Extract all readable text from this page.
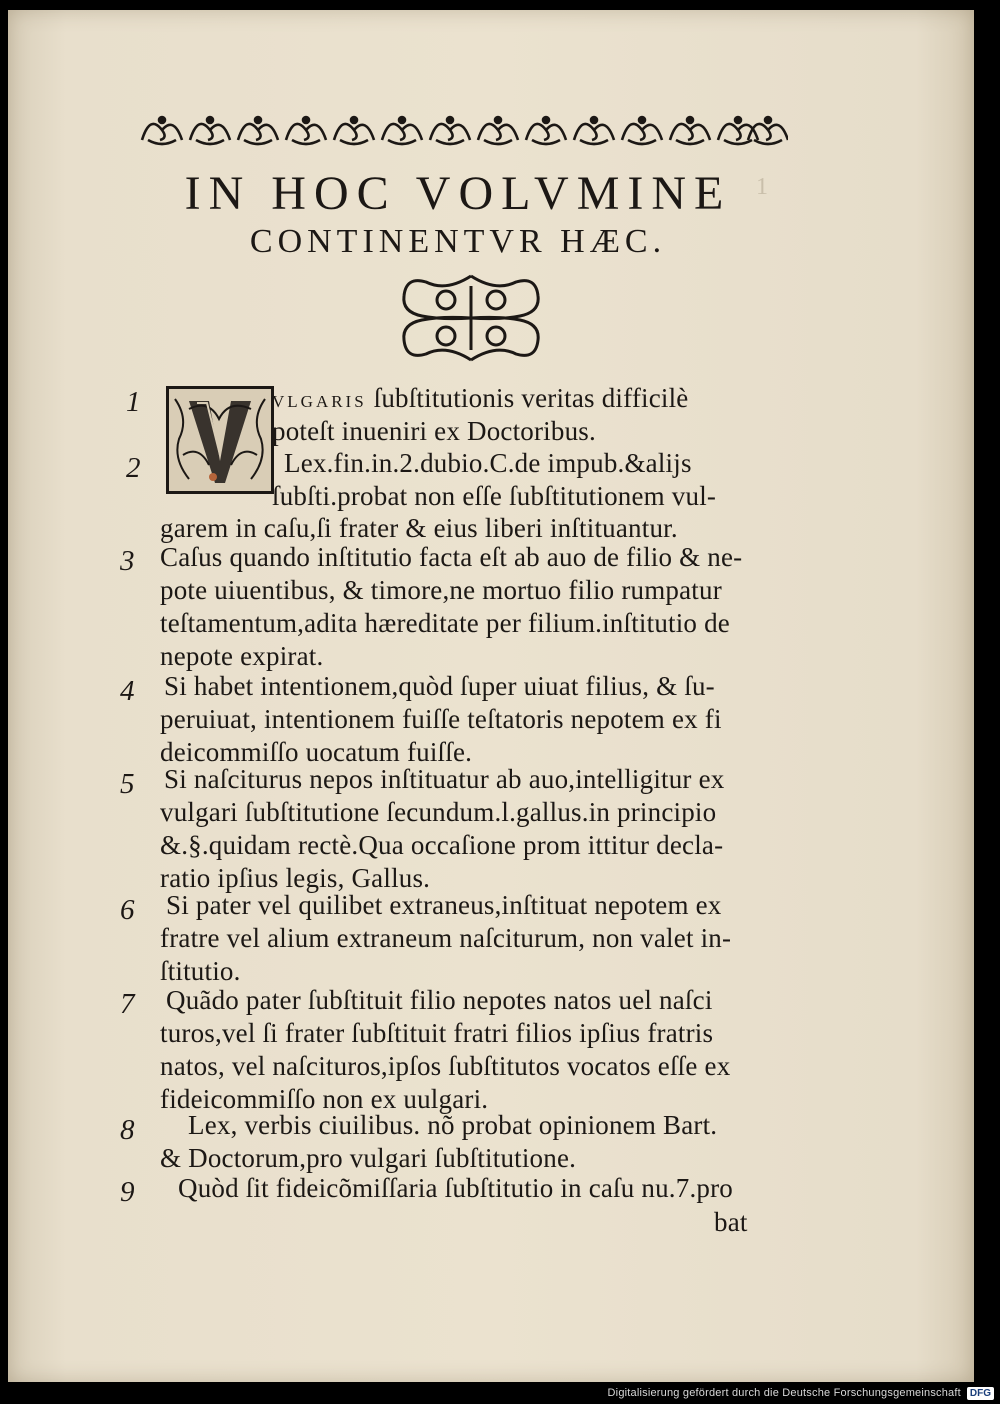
IN HOC VOLVMINE	1
CONTINENTVR HÆC.
1	VLGARIS ſubſtitutionis veritas difficilè
poteſt inueniri ex Doctoribus.
2	Lex.fin.in.2.dubio.C.de impub.&alijs
ſubſti.probat non eſſe ſubſtitutionem vul-
garem in caſu,ſi frater & eius liberi inſtituantur.
3 Caſus quando inſtitutio facta eſt ab auo de filio & ne-
pote uiuentibus, & timore,ne mortuo filio rumpatur
teſtamentum,adita hæreditate per filium.inſtitutio de
nepote expirat.
4	Si habet intentionem,quòd ſuper uiuat filius, & ſu-
peruiuat, intentionem fuiſſe teſtatoris nepotem ex fi
deicommiſſo uocatum fuiſſe.
5	Si naſciturus nepos inſtituatur ab auo,intelligitur ex
vulgari ſubſtitutione ſecundum.l.gallus.in principio
&.§.quidam rectè.Qua occaſione prom ittitur decla-
ratio ipſius legis, Gallus.
6	Si pater vel quilibet extraneus,inſtituat nepotem ex
fratre vel alium extraneum naſciturum, non valet in-
ſtitutio.
7	Quãdo pater ſubſtituit filio nepotes natos uel naſci
turos,vel ſi frater ſubſtituit fratri filios ipſius fratris
natos, vel naſcituros,ipſos ſubſtitutos vocatos eſſe ex
fideicommiſſo non ex uulgari.
8	Lex, verbis ciuilibus. nõ probat opinionem Bart.
& Doctorum,pro vulgari ſubſtitutione.
9	Quòd ſit fideicõmiſſaria ſubſtitutio in caſu nu.7.pro
bat
Digitalisierung gefördert durch die Deutsche Forschungsgemeinschaft DFG
